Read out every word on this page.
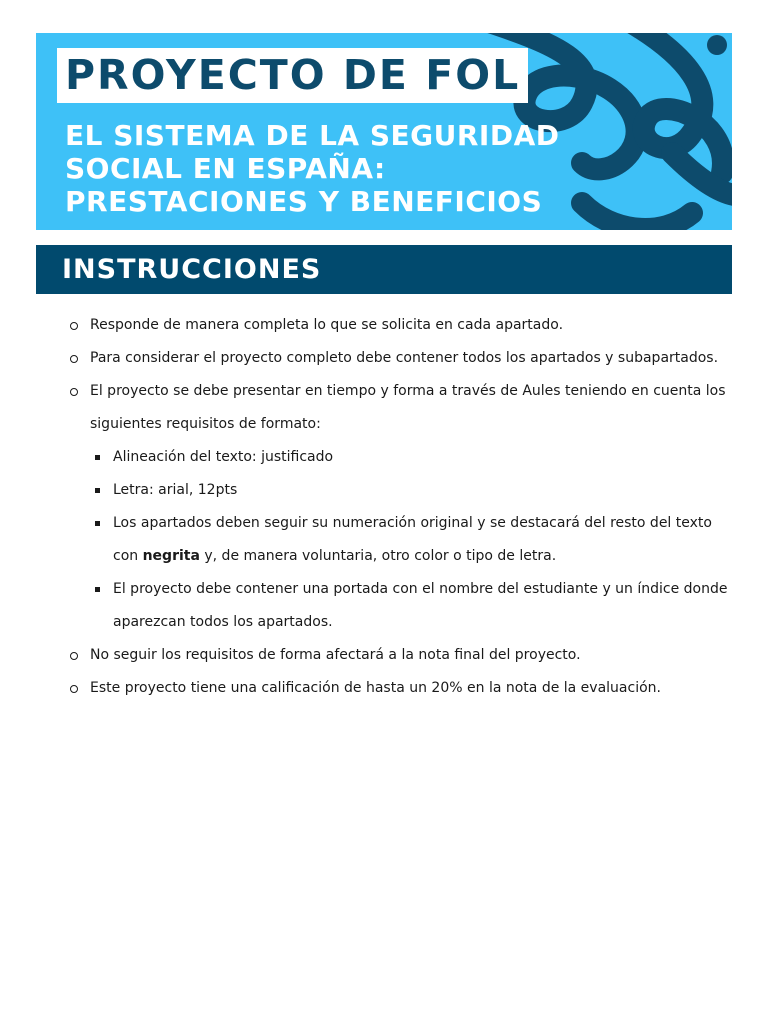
PROYECTO DE FOL
EL SISTEMA DE LA SEGURIDAD
SOCIAL EN ESPAÑA:
PRESTACIONES Y BENEFICIOS
INSTRUCCIONES
Responde de manera completa lo que se solicita en cada apartado.
Para considerar el proyecto completo debe contener todos los apartados y subapartados.
El proyecto se debe presentar en tiempo y forma a través de Aules teniendo en cuenta los siguientes requisitos de formato:
Alineación del texto: justificado
Letra: arial, 12pts
Los apartados deben seguir su numeración original y se destacará del resto del texto con negrita y, de manera voluntaria, otro color o tipo de letra.
El proyecto debe contener una portada con el nombre del estudiante y un índice donde aparezcan todos los apartados.
No seguir los requisitos de forma afectará a la nota final del proyecto.
Este proyecto tiene una calificación de hasta un 20% en la nota de la evaluación.
